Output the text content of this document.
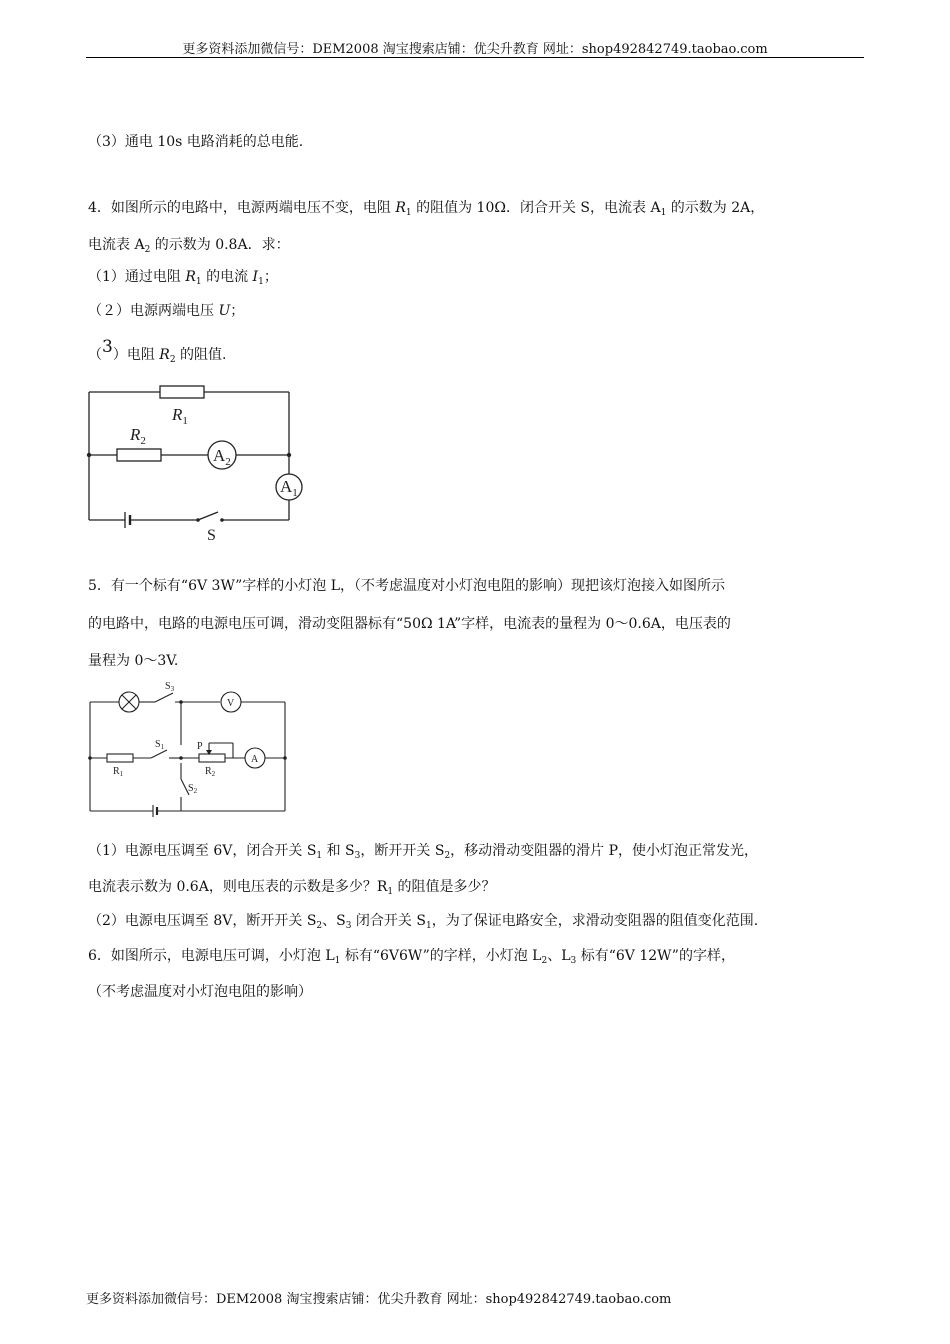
更多资料添加微信号：DEM2008 淘宝搜索店铺：优尖升教育 网址：shop492842749.taobao.com
（3）通电 10s 电路消耗的总电能.
4．如图所示的电路中，电源两端电压不变，电阻 $R_1$ 的阻值为 10Ω．闭合开关 S，电流表 $A_1$ 的示数为 2A，
电流表 $A_2$ 的示数为 0.8A．求：
（1）通过电阻 $R_1$ 的电流 $I_1$；
（２）电源两端电压 U；
（3）电阻 $R_2$ 的阻值.
$R_1$
$R_2$
$A_2$
$A_1$
S
5．有一个标有“6V 3W”字样的小灯泡 L，（不考虑温度对小灯泡电阻的影响）现把该灯泡接入如图所示
的电路中，电路的电源电压可调，滑动变阻器标有“50Ω 1A”字样，电流表的量程为 0～0.6A，电压表的
量程为 0～3V.
$S_3$
V
$S_1$	P
A
$R_1$	$R_2$
$S_2$
（1）电源电压调至 6V，闭合开关 $S_1$ 和 $S_3$，断开开关 $S_2$，移动滑动变阻器的滑片 P，使小灯泡正常发光，
电流表示数为 0.6A，则电压表的示数是多少？$R_1$ 的阻值是多少？
（2）电源电压调至 8V，断开开关 $S_2$、$S_3$ 闭合开关 $S_1$，为了保证电路安全，求滑动变阻器的阻值变化范围.
6．如图所示，电源电压可调，小灯泡 $L_1$ 标有“6V6W”的字样，小灯泡 $L_2$、$L_3$ 标有“6V 12W”的字样，
（不考虑温度对小灯泡电阻的影响）
更多资料添加微信号：DEM2008 淘宝搜索店铺：优尖升教育 网址：shop492842749.taobao.com
